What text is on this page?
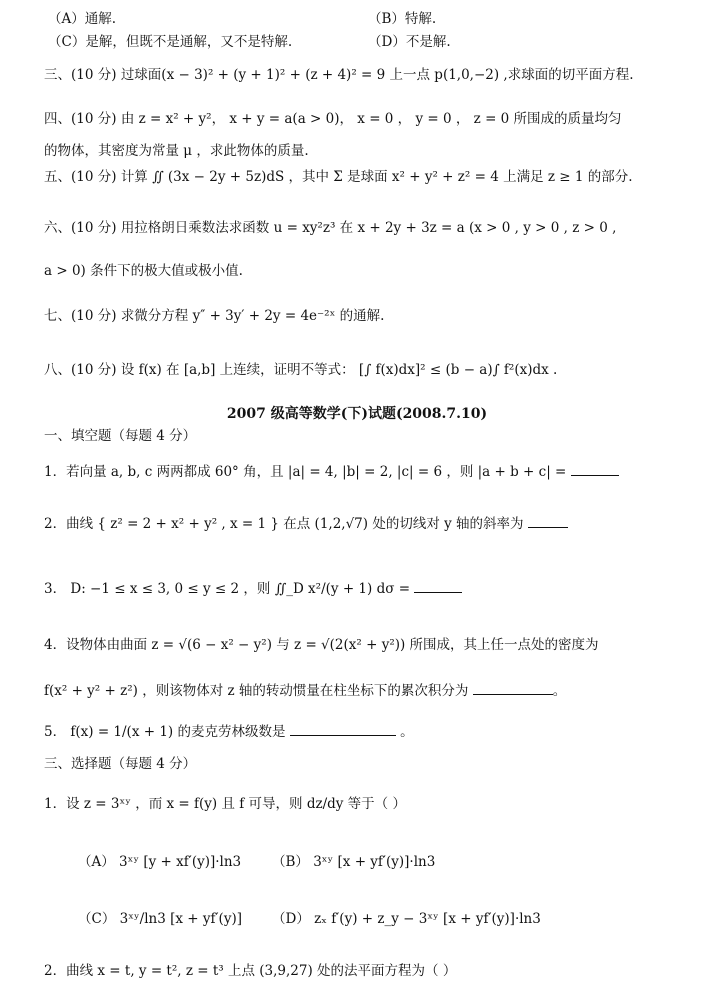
（A）通解.	（B）特解.
（C）是解，但既不是通解，又不是特解.	（D）不是解.
三、(10 分) 过球面(x − 3)² + (y + 1)² + (z + 4)² = 9 上一点 p(1,0,−2) ,求球面的切平面方程.
四、(10 分) 由 z = x² + y²， x + y = a(a > 0)， x = 0 ， y = 0 ， z = 0 所围成的质量均匀
的物体，其密度为常量 μ ，求此物体的质量.
五、(10 分) 计算 ∬ (3x − 2y + 5z)dS ，其中 Σ 是球面 x² + y² + z² = 4 上满足 z ≥ 1 的部分.
六、(10 分) 用拉格朗日乘数法求函数 u = xy²z³ 在 x + 2y + 3z = a (x > 0 , y > 0 , z > 0 ,
a > 0) 条件下的极大值或极小值.
七、(10 分) 求微分方程 y″ + 3y′ + 2y = 4e⁻²ˣ 的通解.
八、(10 分) 设 f(x) 在 [a,b] 上连续，证明不等式： [∫ f(x)dx]² ≤ (b − a)∫ f²(x)dx .
2007 级高等数学(下)试题(2008.7.10)
一、填空题（每题 4 分）
1．若向量 a, b, c 两两都成 60° 角，且 |a| = 4, |b| = 2, |c| = 6 ，则 |a + b + c| =
2．曲线 { z² = 2 + x² + y² , x = 1 } 在点 (1,2,√7) 处的切线对 y 轴的斜率为
3． D: −1 ≤ x ≤ 3, 0 ≤ y ≤ 2 ，则 ∬_D x²/(y + 1) dσ =
4．设物体由曲面 z = √(6 − x² − y²) 与 z = √(2(x² + y²)) 所围成，其上任一点处的密度为
f(x² + y² + z²) ，则该物体对 z 轴的转动惯量在柱坐标下的累次积分为	。
5． f(x) = 1/(x + 1) 的麦克劳林级数是	。
三、选择题（每题 4 分）
1．设 z = 3ˣʸ ，而 x = f(y) 且 f 可导，则 dz/dy 等于（ ）
（A） 3ˣʸ [y + xf′(y)]·ln3 （B） 3ˣʸ [x + yf′(y)]·ln3
（C） 3ˣʸ/ln3 [x + yf′(y)] （D） zₓ f′(y) + z_y − 3ˣʸ [x + yf′(y)]·ln3
2．曲线 x = t, y = t², z = t³ 上点 (3,9,27) 处的法平面方程为（ ）
